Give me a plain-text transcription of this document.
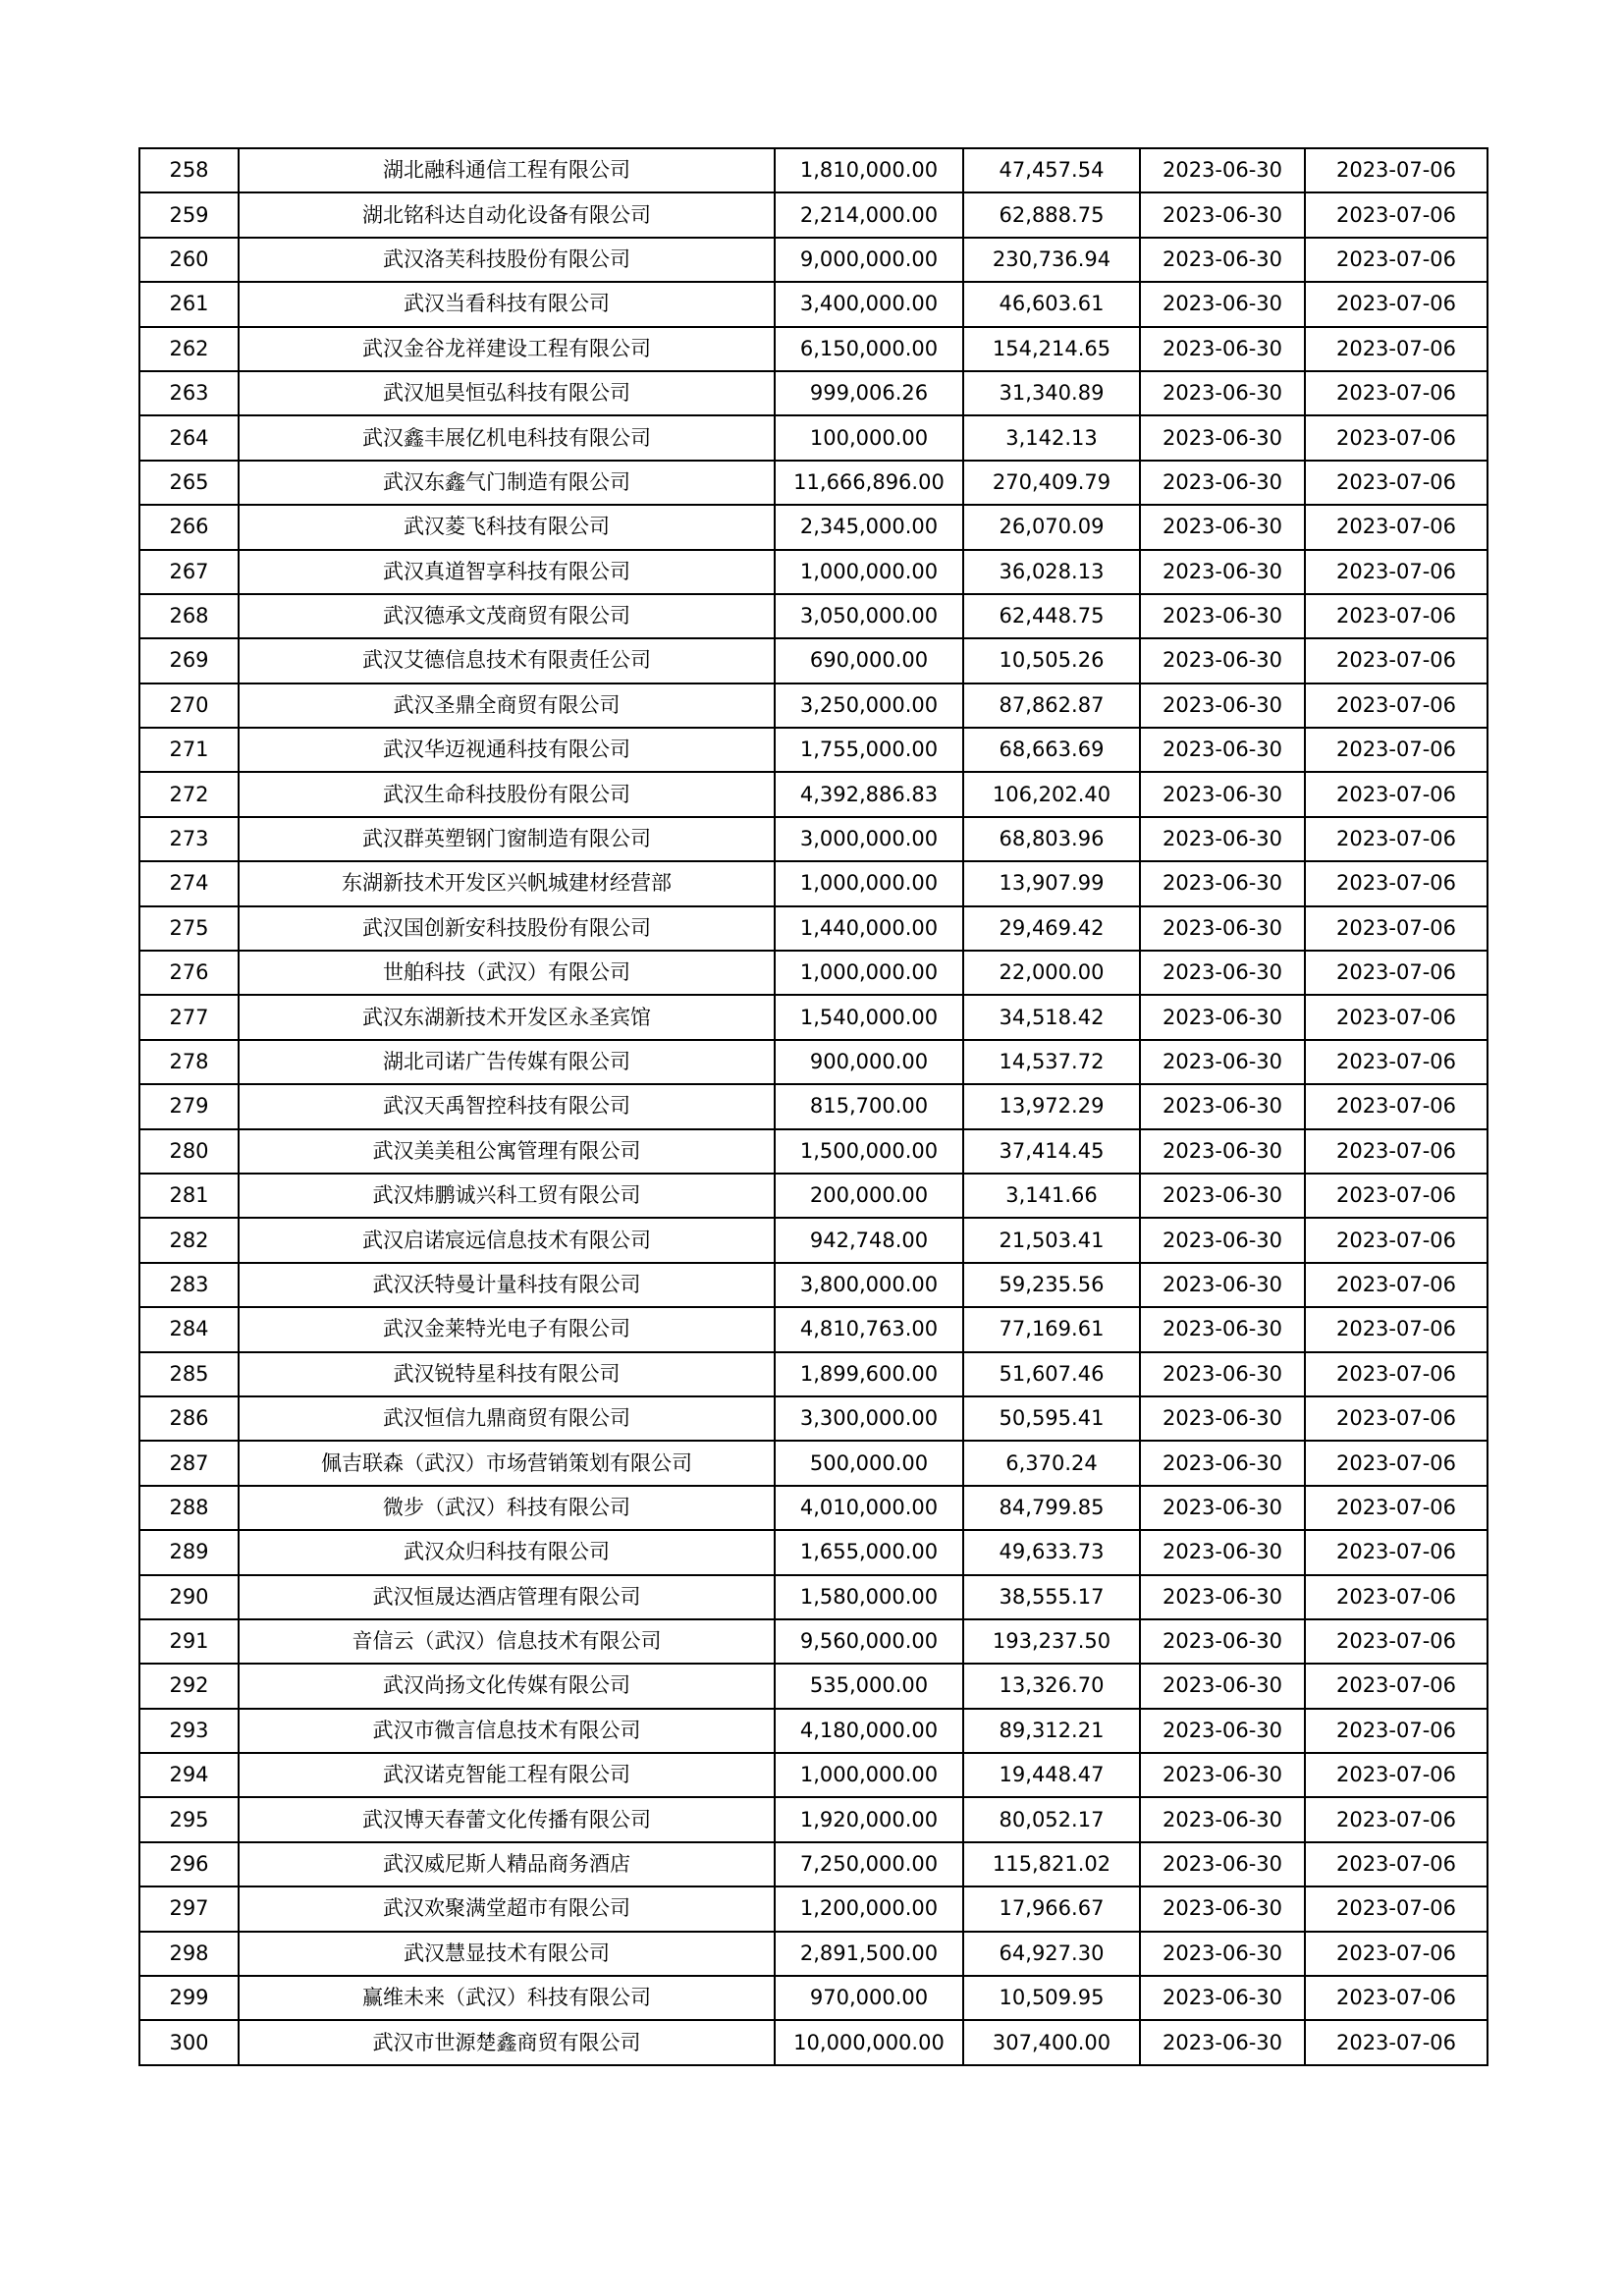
258	湖北融科通信工程有限公司	1,810,000.00	47,457.54	2023-06-30	2023-07-06
259	湖北铭科达自动化设备有限公司	2,214,000.00	62,888.75	2023-06-30	2023-07-06
260	武汉洛芙科技股份有限公司	9,000,000.00	230,736.94	2023-06-30	2023-07-06
261	武汉当看科技有限公司	3,400,000.00	46,603.61	2023-06-30	2023-07-06
262	武汉金谷龙祥建设工程有限公司	6,150,000.00	154,214.65	2023-06-30	2023-07-06
263	武汉旭昊恒弘科技有限公司	999,006.26	31,340.89	2023-06-30	2023-07-06
264	武汉鑫丰展亿机电科技有限公司	100,000.00	3,142.13	2023-06-30	2023-07-06
265	武汉东鑫气门制造有限公司	11,666,896.00	270,409.79	2023-06-30	2023-07-06
266	武汉菱飞科技有限公司	2,345,000.00	26,070.09	2023-06-30	2023-07-06
267	武汉真道智享科技有限公司	1,000,000.00	36,028.13	2023-06-30	2023-07-06
268	武汉德承文茂商贸有限公司	3,050,000.00	62,448.75	2023-06-30	2023-07-06
269	武汉艾德信息技术有限责任公司	690,000.00	10,505.26	2023-06-30	2023-07-06
270	武汉圣鼎全商贸有限公司	3,250,000.00	87,862.87	2023-06-30	2023-07-06
271	武汉华迈视通科技有限公司	1,755,000.00	68,663.69	2023-06-30	2023-07-06
272	武汉生命科技股份有限公司	4,392,886.83	106,202.40	2023-06-30	2023-07-06
273	武汉群英塑钢门窗制造有限公司	3,000,000.00	68,803.96	2023-06-30	2023-07-06
274	东湖新技术开发区兴帆城建材经营部	1,000,000.00	13,907.99	2023-06-30	2023-07-06
275	武汉国创新安科技股份有限公司	1,440,000.00	29,469.42	2023-06-30	2023-07-06
276	世舶科技（武汉）有限公司	1,000,000.00	22,000.00	2023-06-30	2023-07-06
277	武汉东湖新技术开发区永圣宾馆	1,540,000.00	34,518.42	2023-06-30	2023-07-06
278	湖北司诺广告传媒有限公司	900,000.00	14,537.72	2023-06-30	2023-07-06
279	武汉天禹智控科技有限公司	815,700.00	13,972.29	2023-06-30	2023-07-06
280	武汉美美租公寓管理有限公司	1,500,000.00	37,414.45	2023-06-30	2023-07-06
281	武汉炜鹏诚兴科工贸有限公司	200,000.00	3,141.66	2023-06-30	2023-07-06
282	武汉启诺宸远信息技术有限公司	942,748.00	21,503.41	2023-06-30	2023-07-06
283	武汉沃特曼计量科技有限公司	3,800,000.00	59,235.56	2023-06-30	2023-07-06
284	武汉金莱特光电子有限公司	4,810,763.00	77,169.61	2023-06-30	2023-07-06
285	武汉锐特星科技有限公司	1,899,600.00	51,607.46	2023-06-30	2023-07-06
286	武汉恒信九鼎商贸有限公司	3,300,000.00	50,595.41	2023-06-30	2023-07-06
287	佩吉联森（武汉）市场营销策划有限公司	500,000.00	6,370.24	2023-06-30	2023-07-06
288	微步（武汉）科技有限公司	4,010,000.00	84,799.85	2023-06-30	2023-07-06
289	武汉众归科技有限公司	1,655,000.00	49,633.73	2023-06-30	2023-07-06
290	武汉恒晟达酒店管理有限公司	1,580,000.00	38,555.17	2023-06-30	2023-07-06
291	音信云（武汉）信息技术有限公司	9,560,000.00	193,237.50	2023-06-30	2023-07-06
292	武汉尚扬文化传媒有限公司	535,000.00	13,326.70	2023-06-30	2023-07-06
293	武汉市微言信息技术有限公司	4,180,000.00	89,312.21	2023-06-30	2023-07-06
294	武汉诺克智能工程有限公司	1,000,000.00	19,448.47	2023-06-30	2023-07-06
295	武汉博天春蕾文化传播有限公司	1,920,000.00	80,052.17	2023-06-30	2023-07-06
296	武汉威尼斯人精品商务酒店	7,250,000.00	115,821.02	2023-06-30	2023-07-06
297	武汉欢聚满堂超市有限公司	1,200,000.00	17,966.67	2023-06-30	2023-07-06
298	武汉慧显技术有限公司	2,891,500.00	64,927.30	2023-06-30	2023-07-06
299	赢维未来（武汉）科技有限公司	970,000.00	10,509.95	2023-06-30	2023-07-06
300	武汉市世源楚鑫商贸有限公司	10,000,000.00	307,400.00	2023-06-30	2023-07-06
